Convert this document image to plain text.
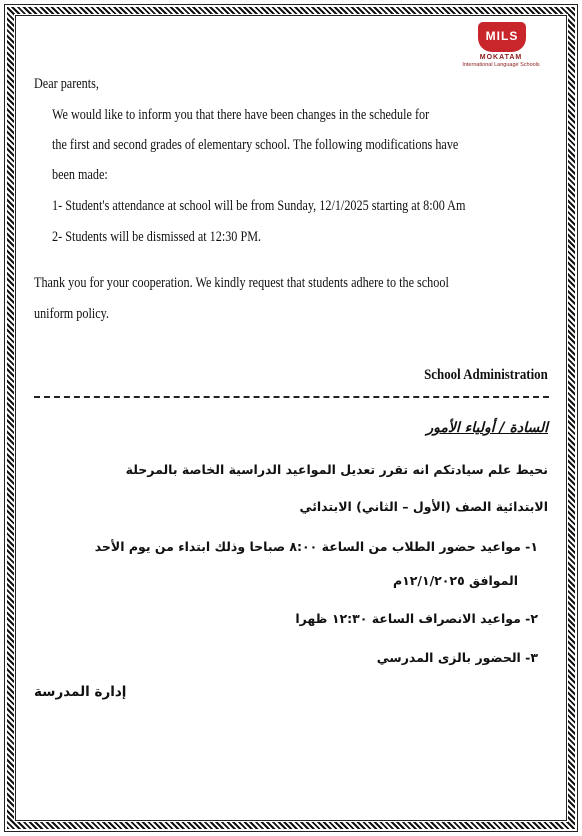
MILS
MOKATAM
International Language Schools
Dear parents,
We would like to inform you that there have been changes in the schedule for
the first and second grades of elementary school. The following modifications have
been made:
1- Student's attendance at school will be from Sunday, 12/1/2025 starting at 8:00 Am
2- Students will be dismissed at 12:30 PM.
Thank you for your cooperation. We kindly request that students adhere to the school
uniform policy.
School Administration
السادة / أولياء الأمور
نحيط علم سيادتكم انه تقرر تعديل المواعيد الدراسية الخاصة بالمرحلة
الابتدائية الصف (الأول – الثاني) الابتدائي
١- مواعيد حضور الطلاب من الساعة ٨:٠٠ صباحا وذلك ابتداء من يوم الأحد
الموافق ١٢/١/٢٠٢٥م
٢- مواعيد الانصراف الساعة ١٢:٣٠ ظهرا
٣- الحضور بالزى المدرسي
إدارة المدرسة
